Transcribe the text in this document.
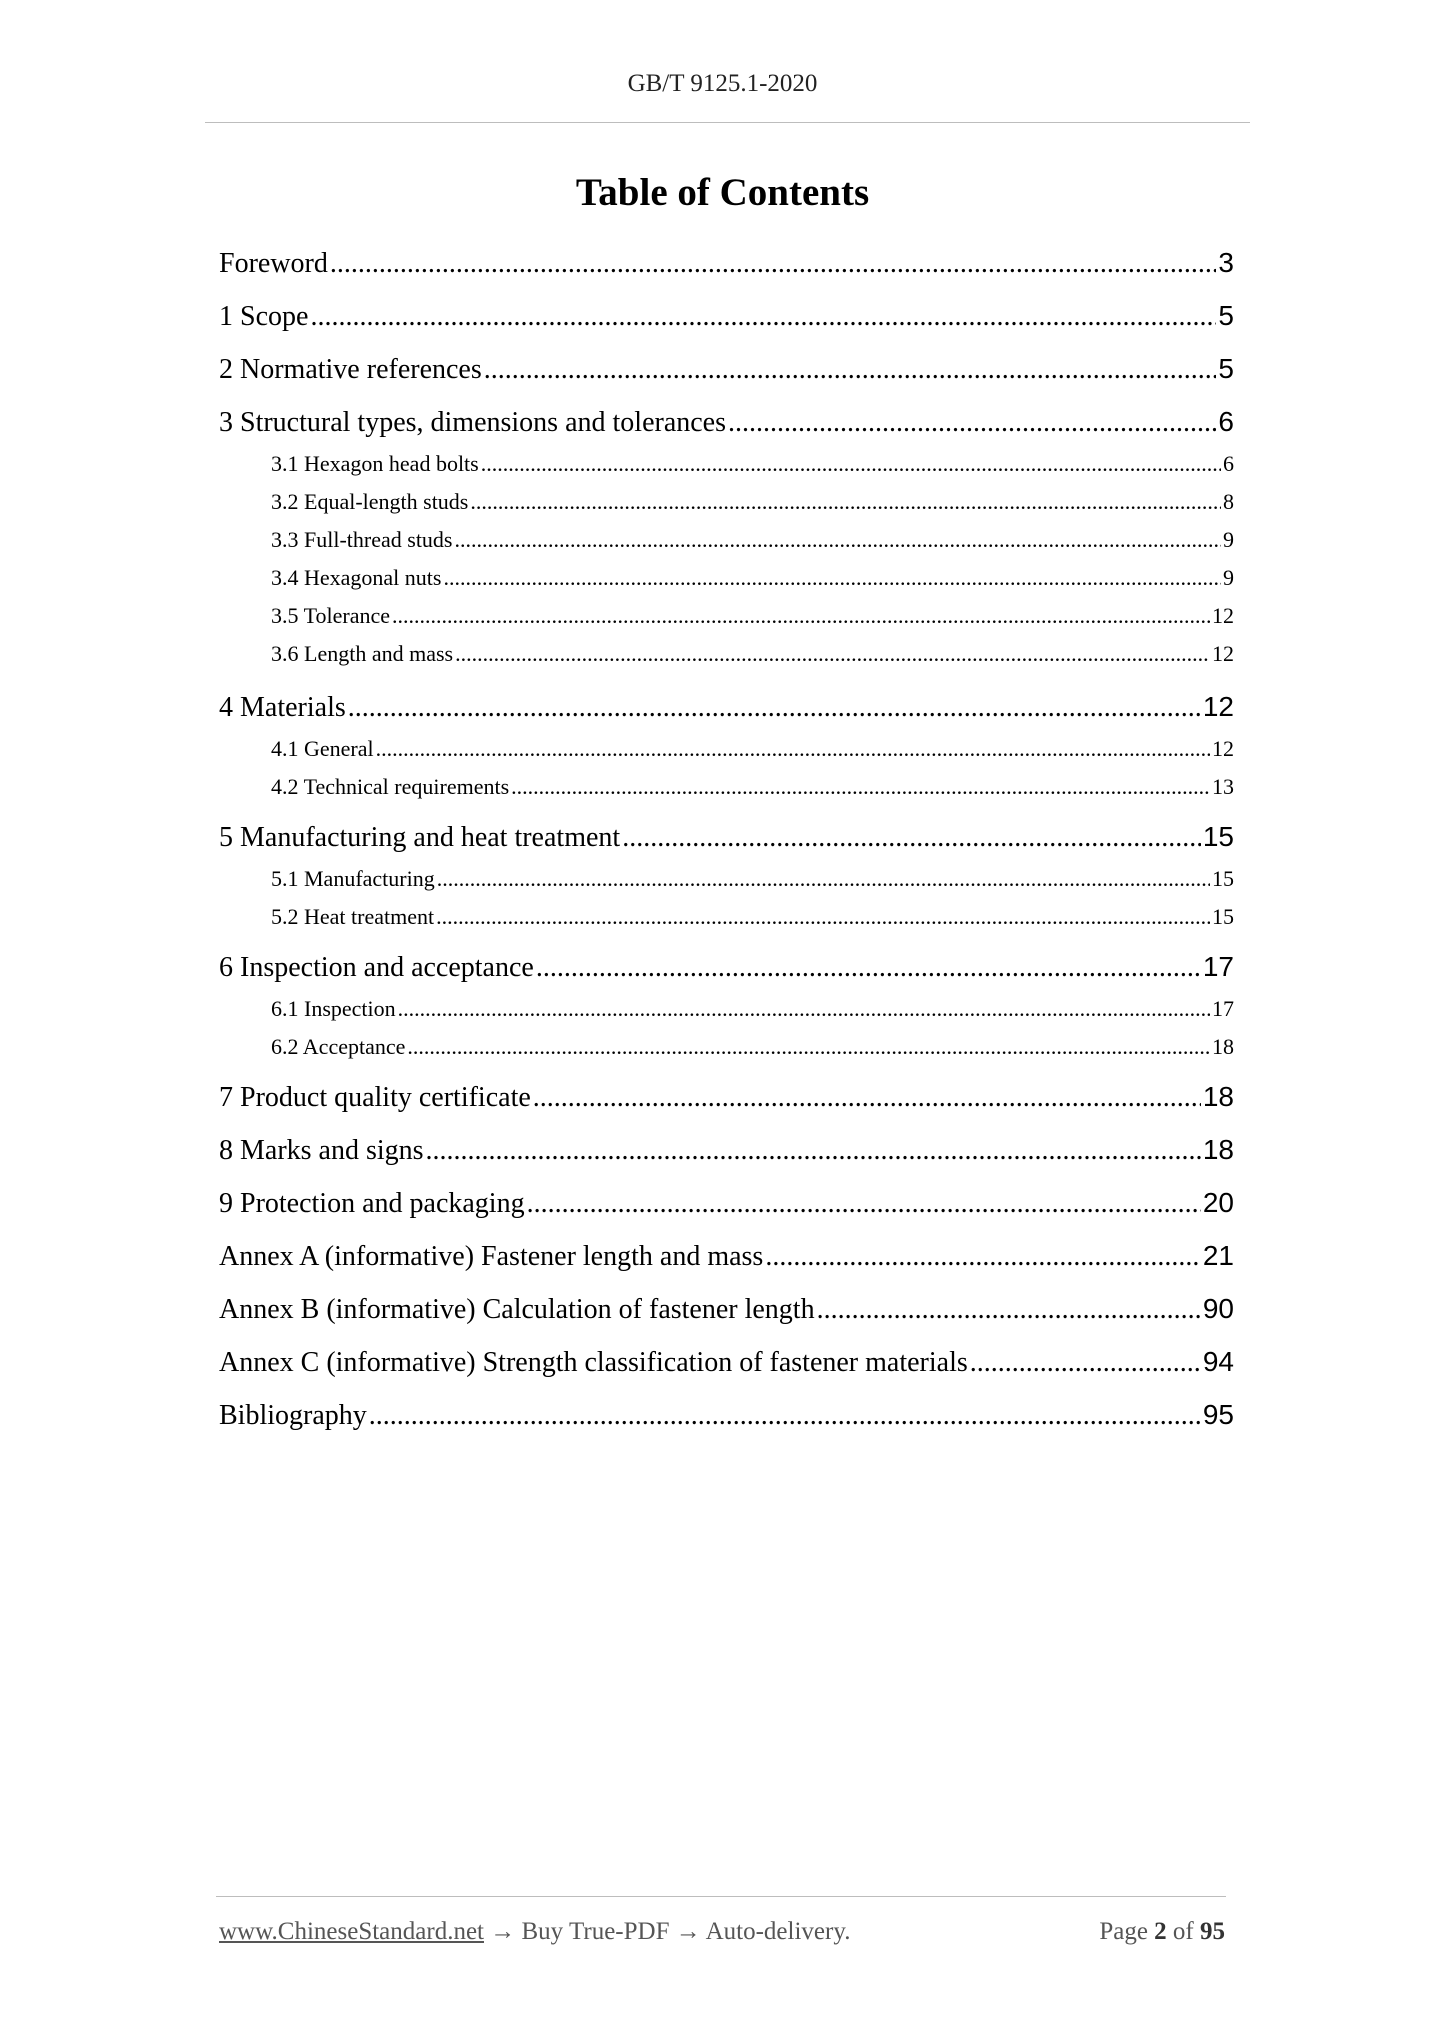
GB/T 9125.1-2020
Table of Contents
Foreword .....	3
1 Scope .....	5
2 Normative references .....	5
3 Structural types, dimensions and tolerances .....	6
3.1 Hexagon head bolts .....	6
3.2 Equal-length studs .....	8
3.3 Full-thread studs .....	9
3.4 Hexagonal nuts .....	9
3.5 Tolerance .....	12
3.6 Length and mass .....	12
4 Materials .....	12
4.1 General .....	12
4.2 Technical requirements .....	13
5 Manufacturing and heat treatment .....	15
5.1 Manufacturing .....	15
5.2 Heat treatment .....	15
6 Inspection and acceptance .....	17
6.1 Inspection .....	17
6.2 Acceptance .....	18
7 Product quality certificate .....	18
8 Marks and signs .....	18
9 Protection and packaging .....	20
Annex A (informative) Fastener length and mass .....	21
Annex B (informative) Calculation of fastener length .....	90
Annex C (informative) Strength classification of fastener materials .....	94
Bibliography .....	95
www.ChineseStandard.net → Buy True-PDF → Auto-delivery.	Page 2 of 95
